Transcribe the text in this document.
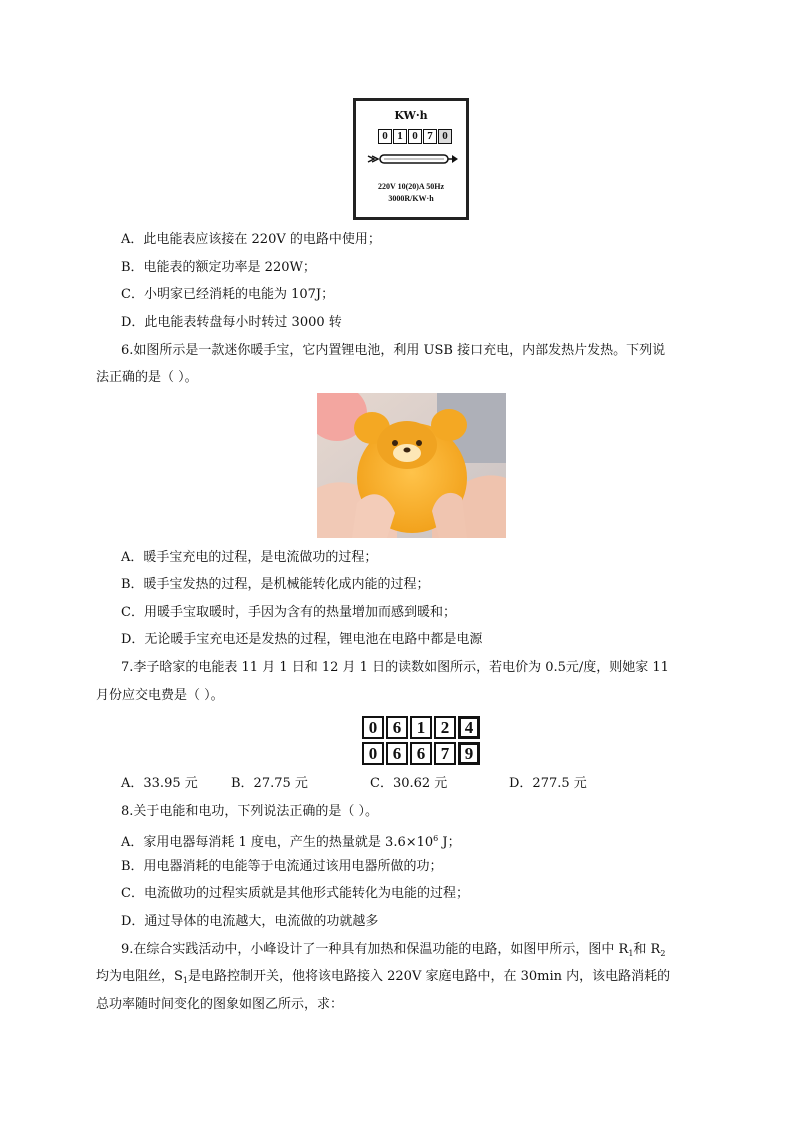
KW·h
0 1 0 7 0
220V 10(20)A 50Hz
3000R/KW·h
A．此电能表应该接在 220V 的电路中使用；
B．电能表的额定功率是 220W；
C．小明家已经消耗的电能为 107J；
D．此电能表转盘每小时转过 3000 转
6.如图所示是一款迷你暖手宝，它内置锂电池，利用 USB 接口充电，内部发热片发热。下列说
法正确的是（ ）。
A．暖手宝充电的过程，是电流做功的过程；
B．暖手宝发热的过程，是机械能转化成内能的过程；
C．用暖手宝取暖时，手因为含有的热量增加而感到暖和；
D．无论暖手宝充电还是发热的过程，锂电池在电路中都是电源
7.李子晗家的电能表 11 月 1 日和 12 月 1 日的读数如图所示，若电价为 0.5元/度，则她家 11
月份应交电费是（ ）。
0 6 1 2 4
0 6 6 7 9
A．33.95 元	B．27.75 元	C．30.62 元	D．277.5 元
8.关于电能和电功，下列说法正确的是（ ）。
A．家用电器每消耗 1 度电，产生的热量就是 $3.6\times 10^6$ J；
B．用电器消耗的电能等于电流通过该用电器所做的功；
C．电流做功的过程实质就是其他形式能转化为电能的过程；
D．通过导体的电流越大，电流做的功就越多
9.在综合实践活动中，小峰设计了一种具有加热和保温功能的电路，如图甲所示，图中 $R_1$和 $R_2$
均为电阻丝，$S_1$是电路控制开关，他将该电路接入 220V 家庭电路中，在 30min 内，该电路消耗的
总功率随时间变化的图象如图乙所示，求：
